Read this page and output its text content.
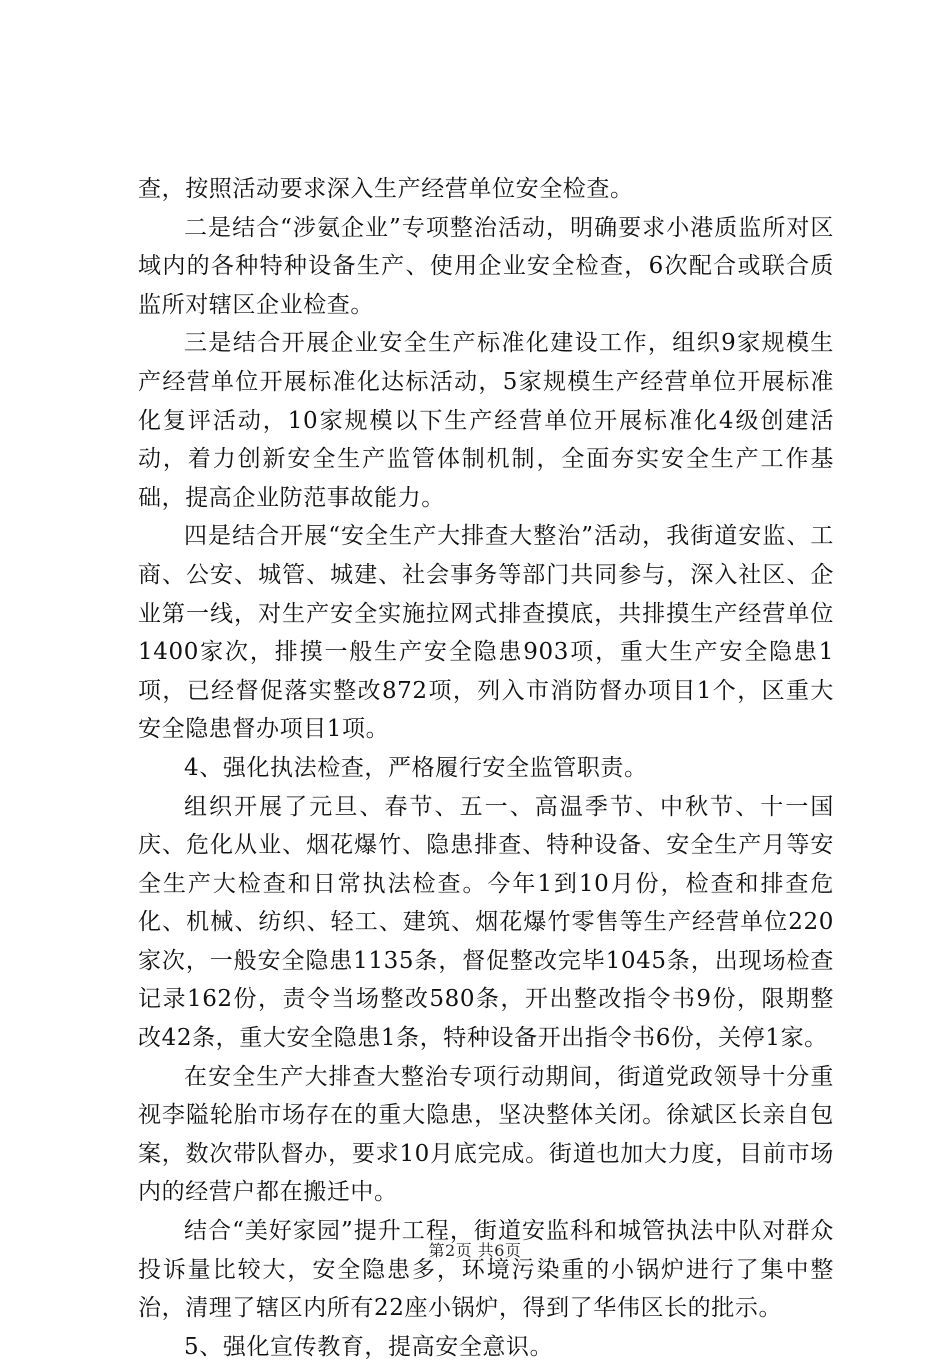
查，按照活动要求深入生产经营单位安全检查。

二是结合“涉氨企业”专项整治活动，明确要求小港质监所对区域内的各种特种设备生产、使用企业安全检查，6次配合或联合质监所对辖区企业检查。

三是结合开展企业安全生产标准化建设工作，组织9家规模生产经营单位开展标准化达标活动，5家规模生产经营单位开展标准化复评活动，10家规模以下生产经营单位开展标准化4级创建活动，着力创新安全生产监管体制机制，全面夯实安全生产工作基础，提高企业防范事故能力。

四是结合开展“安全生产大排查大整治”活动，我街道安监、工商、公安、城管、城建、社会事务等部门共同参与，深入社区、企业第一线，对生产安全实施拉网式排查摸底，共排摸生产经营单位1400家次，排摸一般生产安全隐患903项，重大生产安全隐患1项，已经督促落实整改872项，列入市消防督办项目1个，区重大安全隐患督办项目1项。

4、强化执法检查，严格履行安全监管职责。

组织开展了元旦、春节、五一、高温季节、中秋节、十一国庆、危化从业、烟花爆竹、隐患排查、特种设备、安全生产月等安全生产大检查和日常执法检查。今年1到10月份，检查和排查危化、机械、纺织、轻工、建筑、烟花爆竹零售等生产经营单位220家次，一般安全隐患1135条，督促整改完毕1045条，出现场检查记录162份，责令当场整改580条，开出整改指令书9份，限期整改42条，重大安全隐患1条，特种设备开出指令书6份，关停1家。

在安全生产大排查大整治专项行动期间，街道党政领导十分重视李隘轮胎市场存在的重大隐患，坚决整体关闭。徐斌区长亲自包案，数次带队督办，要求10月底完成。街道也加大力度，目前市场内的经营户都在搬迁中。

结合“美好家园”提升工程，街道安监科和城管执法中队对群众投诉量比较大，安全隐患多，环境污染重的小锅炉进行了集中整治，清理了辖区内所有22座小锅炉，得到了华伟区长的批示。

5、强化宣传教育，提高安全意识。

第2页 共6页
